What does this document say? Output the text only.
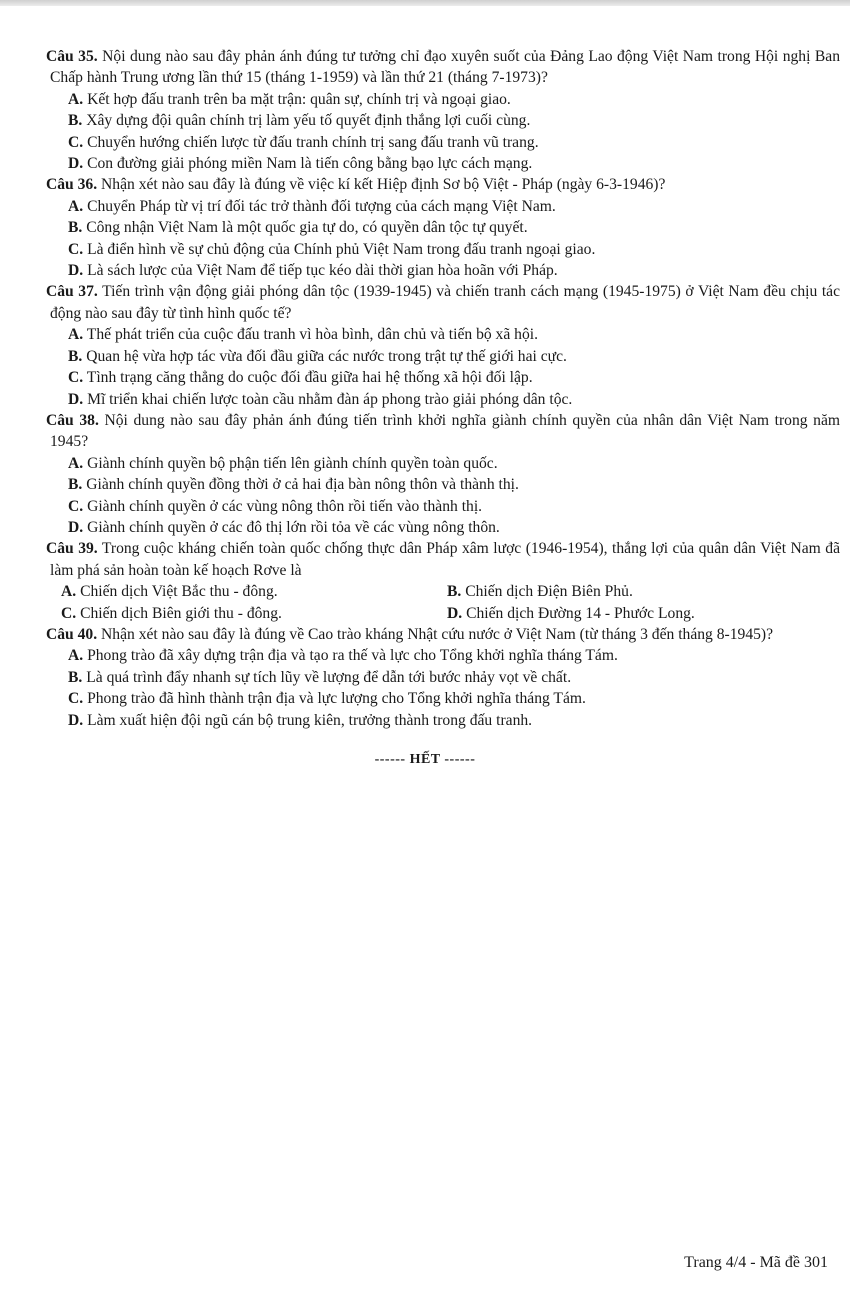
Câu 35. Nội dung nào sau đây phản ánh đúng tư tưởng chỉ đạo xuyên suốt của Đảng Lao động Việt Nam trong Hội nghị Ban Chấp hành Trung ương lần thứ 15 (tháng 1-1959) và lần thứ 21 (tháng 7-1973)?

A. Kết hợp đấu tranh trên ba mặt trận: quân sự, chính trị và ngoại giao.

B. Xây dựng đội quân chính trị làm yếu tố quyết định thắng lợi cuối cùng.

C. Chuyển hướng chiến lược từ đấu tranh chính trị sang đấu tranh vũ trang.

D. Con đường giải phóng miền Nam là tiến công bằng bạo lực cách mạng.

Câu 36. Nhận xét nào sau đây là đúng về việc kí kết Hiệp định Sơ bộ Việt - Pháp (ngày 6-3-1946)?

A. Chuyển Pháp từ vị trí đối tác trở thành đối tượng của cách mạng Việt Nam.

B. Công nhận Việt Nam là một quốc gia tự do, có quyền dân tộc tự quyết.

C. Là điển hình về sự chủ động của Chính phủ Việt Nam trong đấu tranh ngoại giao.

D. Là sách lược của Việt Nam để tiếp tục kéo dài thời gian hòa hoãn với Pháp.

Câu 37. Tiến trình vận động giải phóng dân tộc (1939-1945) và chiến tranh cách mạng (1945-1975) ở Việt Nam đều chịu tác động nào sau đây từ tình hình quốc tế?

A. Thế phát triển của cuộc đấu tranh vì hòa bình, dân chủ và tiến bộ xã hội.

B. Quan hệ vừa hợp tác vừa đối đầu giữa các nước trong trật tự thế giới hai cực.

C. Tình trạng căng thẳng do cuộc đối đầu giữa hai hệ thống xã hội đối lập.

D. Mĩ triển khai chiến lược toàn cầu nhằm đàn áp phong trào giải phóng dân tộc.

Câu 38. Nội dung nào sau đây phản ánh đúng tiến trình khởi nghĩa giành chính quyền của nhân dân Việt Nam trong năm 1945?

A. Giành chính quyền bộ phận tiến lên giành chính quyền toàn quốc.

B. Giành chính quyền đồng thời ở cả hai địa bàn nông thôn và thành thị.

C. Giành chính quyền ở các vùng nông thôn rồi tiến vào thành thị.

D. Giành chính quyền ở các đô thị lớn rồi tỏa về các vùng nông thôn.

Câu 39. Trong cuộc kháng chiến toàn quốc chống thực dân Pháp xâm lược (1946-1954), thắng lợi của quân dân Việt Nam đã làm phá sản hoàn toàn kế hoạch Rơve là

A. Chiến dịch Việt Bắc thu - đông.	B. Chiến dịch Điện Biên Phủ.

C. Chiến dịch Biên giới thu - đông.	D. Chiến dịch Đường 14 - Phước Long.

Câu 40. Nhận xét nào sau đây là đúng về Cao trào kháng Nhật cứu nước ở Việt Nam (từ tháng 3 đến tháng 8-1945)?

A. Phong trào đã xây dựng trận địa và tạo ra thế và lực cho Tổng khởi nghĩa tháng Tám.

B. Là quá trình đẩy nhanh sự tích lũy về lượng để dẫn tới bước nhảy vọt về chất.

C. Phong trào đã hình thành trận địa và lực lượng cho Tổng khởi nghĩa tháng Tám.

D. Làm xuất hiện đội ngũ cán bộ trung kiên, trưởng thành trong đấu tranh.

------ HẾT ------
Trang 4/4 - Mã đề 301
